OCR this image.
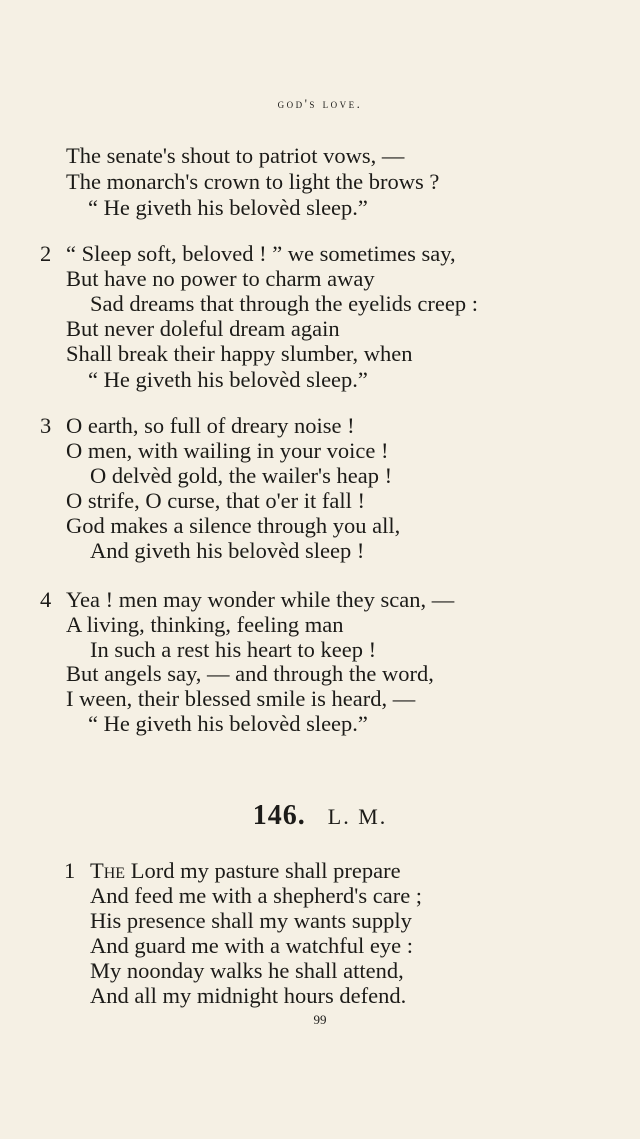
god's love.
The senate's shout to patriot vows, —
The monarch's crown to light the brows ?
“ He giveth his belovèd sleep.”
2 “ Sleep soft, beloved ! ” we sometimes say,
But have no power to charm away
Sad dreams that through the eyelids creep :
But never doleful dream again
Shall break their happy slumber, when
“ He giveth his belovèd sleep.”
3 O earth, so full of dreary noise !
O men, with wailing in your voice !
O delvèd gold, the wailer's heap !
O strife, O curse, that o'er it fall !
God makes a silence through you all,
And giveth his belovèd sleep !
4 Yea ! men may wonder while they scan, —
A living, thinking, feeling man
In such a rest his heart to keep !
But angels say, — and through the word,
I ween, their blessed smile is heard, —
“ He giveth his belovèd sleep.”
146. L. M.
1 The Lord my pasture shall prepare
And feed me with a shepherd's care ;
His presence shall my wants supply
And guard me with a watchful eye :
My noonday walks he shall attend,
And all my midnight hours defend.
99
